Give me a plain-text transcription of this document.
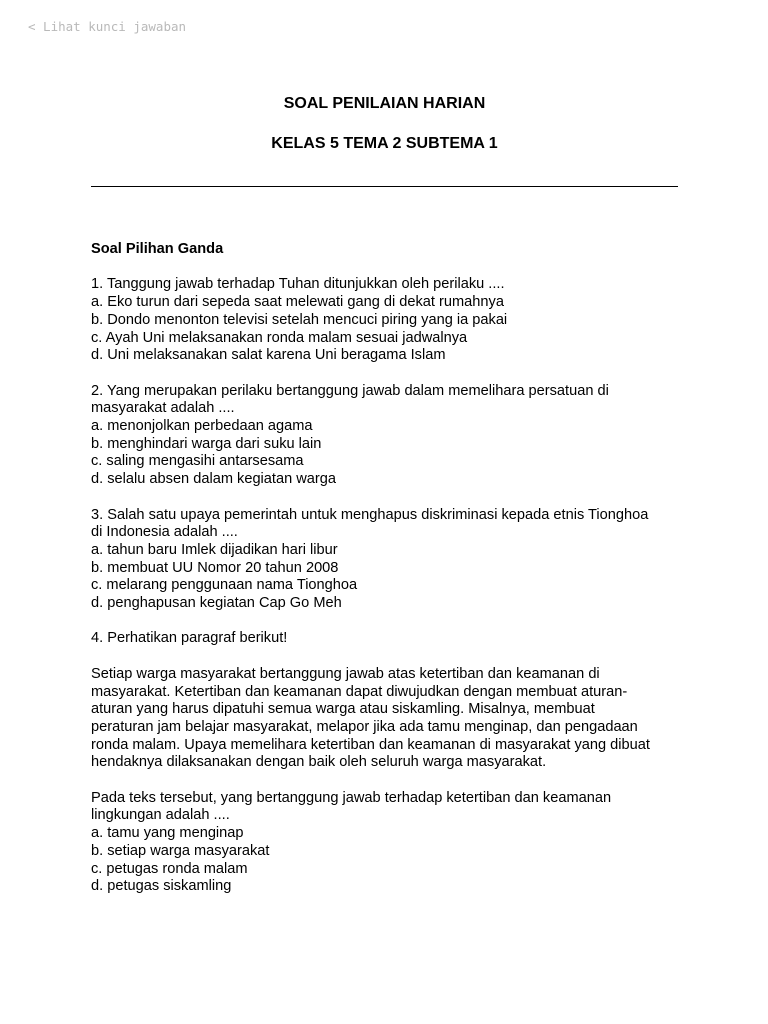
< Lihat kunci jawaban
SOAL PENILAIAN HARIAN
KELAS 5 TEMA 2 SUBTEMA 1
Soal Pilihan Ganda
1. Tanggung jawab terhadap Tuhan ditunjukkan oleh perilaku ....
a. Eko turun dari sepeda saat melewati gang di dekat rumahnya
b. Dondo menonton televisi setelah mencuci piring yang ia pakai
c. Ayah Uni melaksanakan ronda malam sesuai jadwalnya
d. Uni melaksanakan salat karena Uni beragama Islam
2. Yang merupakan perilaku bertanggung jawab dalam memelihara persatuan di
masyarakat adalah ....
a. menonjolkan perbedaan agama
b. menghindari warga dari suku lain
c. saling mengasihi antarsesama
d. selalu absen dalam kegiatan warga
3. Salah satu upaya pemerintah untuk menghapus diskriminasi kepada etnis Tionghoa
di Indonesia adalah ....
a. tahun baru Imlek dijadikan hari libur
b. membuat UU Nomor 20 tahun 2008
c. melarang penggunaan nama Tionghoa
d. penghapusan kegiatan Cap Go Meh
4. Perhatikan paragraf berikut!
Setiap warga masyarakat bertanggung jawab atas ketertiban dan keamanan di
masyarakat. Ketertiban dan keamanan dapat diwujudkan dengan membuat aturan-
aturan yang harus dipatuhi semua warga atau siskamling. Misalnya, membuat
peraturan jam belajar masyarakat, melapor jika ada tamu menginap, dan pengadaan
ronda malam. Upaya memelihara ketertiban dan keamanan di masyarakat yang dibuat
hendaknya dilaksanakan dengan baik oleh seluruh warga masyarakat.
Pada teks tersebut, yang bertanggung jawab terhadap ketertiban dan keamanan
lingkungan adalah ....
a. tamu yang menginap
b. setiap warga masyarakat
c. petugas ronda malam
d. petugas siskamling
